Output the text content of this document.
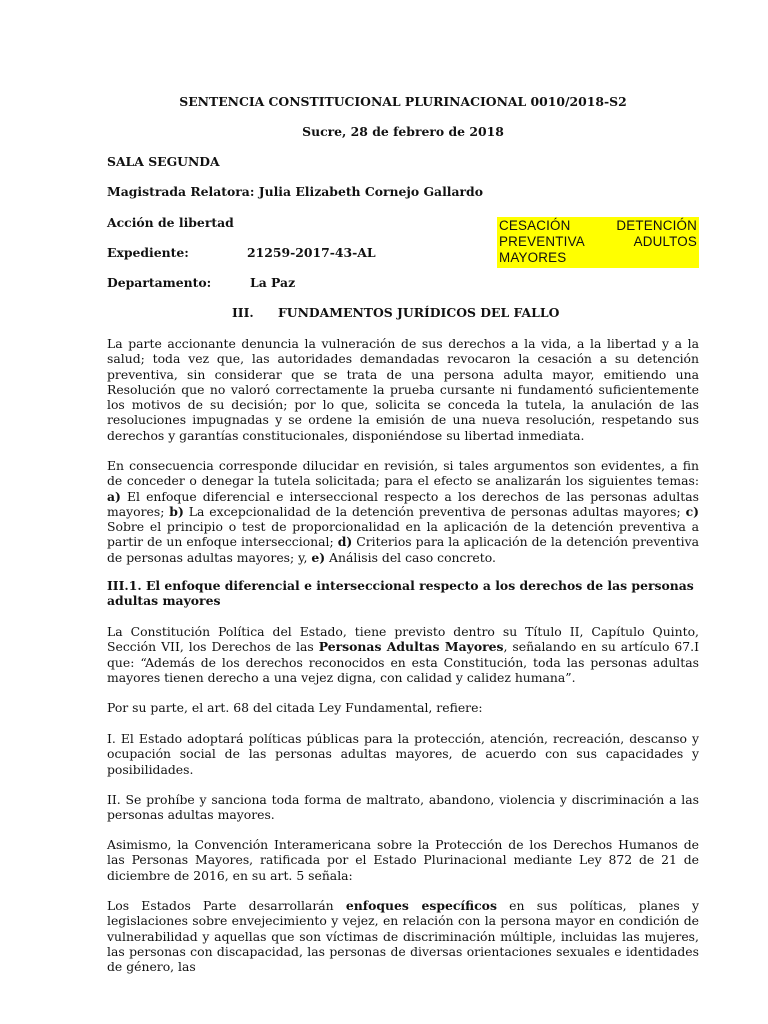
SENTENCIA CONSTITUCIONAL PLURINACIONAL 0010/2018-S2
Sucre, 28 de febrero de 2018
SALA SEGUNDA
Magistrada Relatora: Julia Elizabeth Cornejo Gallardo
Acción de libertad
Expediente:	21259-2017-43-AL
Departamento:	La Paz
CESACIÓN DETENCIÓN PREVENTIVA ADULTOS MAYORES
III. FUNDAMENTOS JURÍDICOS DEL FALLO
La parte accionante denuncia la vulneración de sus derechos a la vida, a la libertad y a la salud; toda vez que, las autoridades demandadas revocaron la cesación a su detención preventiva, sin considerar que se trata de una persona adulta mayor, emitiendo una Resolución que no valoró correctamente la prueba cursante ni fundamentó suficientemente los motivos de su decisión; por lo que, solicita se conceda la tutela, la anulación de las resoluciones impugnadas y se ordene la emisión de una nueva resolución, respetando sus derechos y garantías constitucionales, disponiéndose su libertad inmediata.
En consecuencia corresponde dilucidar en revisión, si tales argumentos son evidentes, a fin de conceder o denegar la tutela solicitada; para el efecto se analizarán los siguientes temas: a) El enfoque diferencial e interseccional respecto a los derechos de las personas adultas mayores; b) La excepcionalidad de la detención preventiva de personas adultas mayores; c) Sobre el principio o test de proporcionalidad en la aplicación de la detención preventiva a partir de un enfoque interseccional; d) Criterios para la aplicación de la detención preventiva de personas adultas mayores; y, e) Análisis del caso concreto.
III.1. El enfoque diferencial e interseccional respecto a los derechos de las personas adultas mayores
La Constitución Política del Estado, tiene previsto dentro su Título II, Capítulo Quinto, Sección VII, los Derechos de las Personas Adultas Mayores, señalando en su artículo 67.I que: “Además de los derechos reconocidos en esta Constitución, toda las personas adultas mayores tienen derecho a una vejez digna, con calidad y calidez humana”.
Por su parte, el art. 68 del citada Ley Fundamental, refiere:
I. El Estado adoptará políticas públicas para la protección, atención, recreación, descanso y ocupación social de las personas adultas mayores, de acuerdo con sus capacidades y posibilidades.
II. Se prohíbe y sanciona toda forma de maltrato, abandono, violencia y discriminación a las personas adultas mayores.
Asimismo, la Convención Interamericana sobre la Protección de los Derechos Humanos de las Personas Mayores, ratificada por el Estado Plurinacional mediante Ley 872 de 21 de diciembre de 2016, en su art. 5 señala:
Los Estados Parte desarrollarán enfoques específicos en sus políticas, planes y legislaciones sobre envejecimiento y vejez, en relación con la persona mayor en condición de vulnerabilidad y aquellas que son víctimas de discriminación múltiple, incluidas las mujeres, las personas con discapacidad, las personas de diversas orientaciones sexuales e identidades de género, las
